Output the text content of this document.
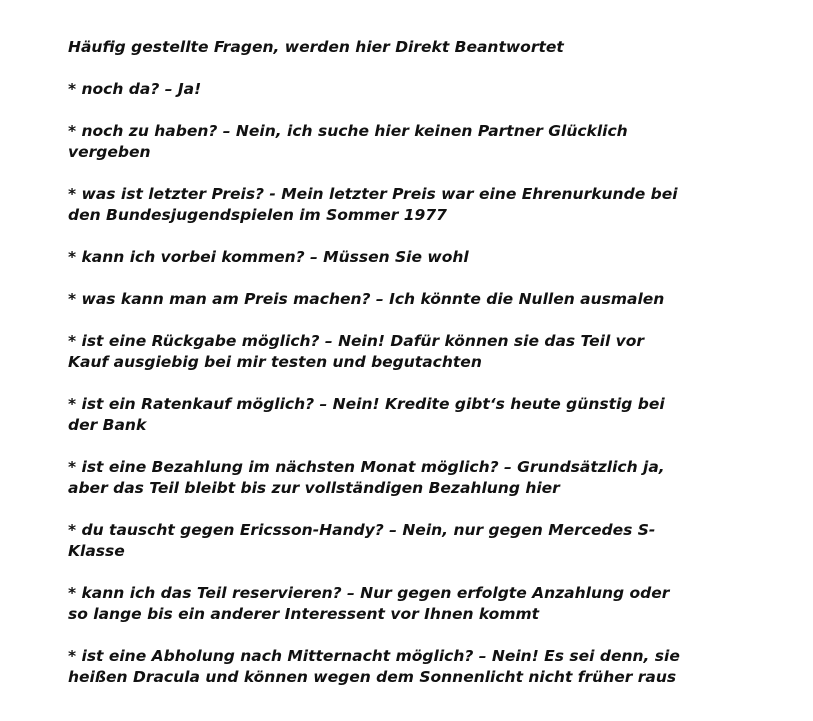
Häufig gestellte Fragen, werden hier Direkt Beantwortet
* noch da? – Ja!
* noch zu haben? – Nein, ich suche hier keinen Partner Glücklich
vergeben
* was ist letzter Preis? - Mein letzter Preis war eine Ehrenurkunde bei
den Bundesjugendspielen im Sommer 1977
* kann ich vorbei kommen? – Müssen Sie wohl
* was kann man am Preis machen? – Ich könnte die Nullen ausmalen
* ist eine Rückgabe möglich? – Nein! Dafür können sie das Teil vor
Kauf ausgiebig bei mir testen und begutachten
* ist ein Ratenkauf möglich? – Nein! Kredite gibt‘s heute günstig bei
der Bank
* ist eine Bezahlung im nächsten Monat möglich? – Grundsätzlich ja,
aber das Teil bleibt bis zur vollständigen Bezahlung hier
* du tauscht gegen Ericsson-Handy? – Nein, nur gegen Mercedes S-
Klasse
* kann ich das Teil reservieren? – Nur gegen erfolgte Anzahlung oder
so lange bis ein anderer Interessent vor Ihnen kommt
* ist eine Abholung nach Mitternacht möglich? – Nein! Es sei denn, sie
heißen Dracula und können wegen dem Sonnenlicht nicht früher raus
